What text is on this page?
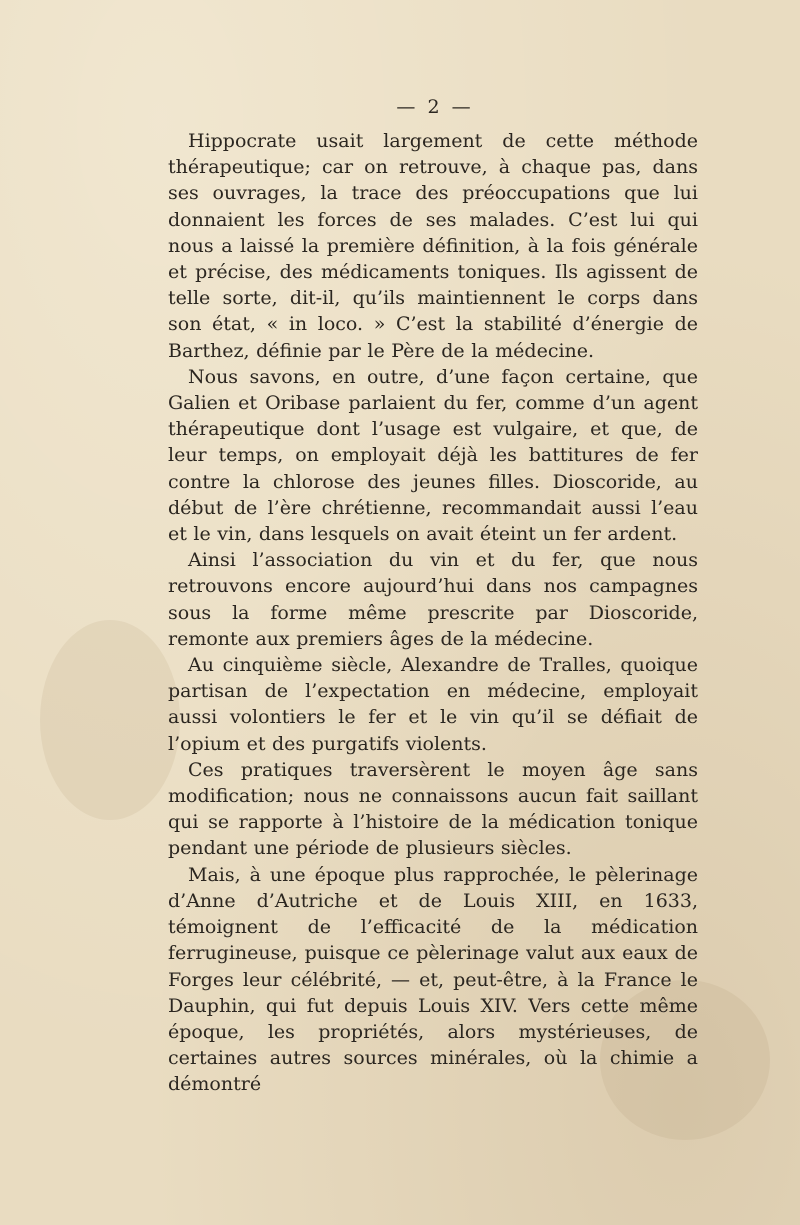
— 2 —

Hippocrate usait largement de cette méthode thérapeutique; car on retrouve, à chaque pas, dans ses ouvrages, la trace des préoccupations que lui donnaient les forces de ses malades. C’est lui qui nous a laissé la première définition, à la fois générale et précise, des médicaments toniques. Ils agissent de telle sorte, dit-il, qu’ils maintiennent le corps dans son état, « in loco. » C’est la stabilité d’énergie de Barthez, définie par le Père de la médecine.

Nous savons, en outre, d’une façon certaine, que Galien et Oribase parlaient du fer, comme d’un agent thérapeutique dont l’usage est vulgaire, et que, de leur temps, on employait déjà les battitures de fer contre la chlorose des jeunes filles. Dioscoride, au début de l’ère chrétienne, recommandait aussi l’eau et le vin, dans lesquels on avait éteint un fer ardent.

Ainsi l’association du vin et du fer, que nous retrouvons encore aujourd’hui dans nos campagnes sous la forme même prescrite par Dioscoride, remonte aux premiers âges de la médecine.

Au cinquième siècle, Alexandre de Tralles, quoique partisan de l’expectation en médecine, employait aussi volontiers le fer et le vin qu’il se défiait de l’opium et des purgatifs violents.

Ces pratiques traversèrent le moyen âge sans modification; nous ne connaissons aucun fait saillant qui se rapporte à l’histoire de la médication tonique pendant une période de plusieurs siècles.

Mais, à une époque plus rapprochée, le pèlerinage d’Anne d’Autriche et de Louis XIII, en 1633, témoignent de l’efficacité de la médication ferrugineuse, puisque ce pèlerinage valut aux eaux de Forges leur célébrité, — et, peut-être, à la France le Dauphin, qui fut depuis Louis XIV. Vers cette même époque, les propriétés, alors mystérieuses, de certaines autres sources minérales, où la chimie a démontré
